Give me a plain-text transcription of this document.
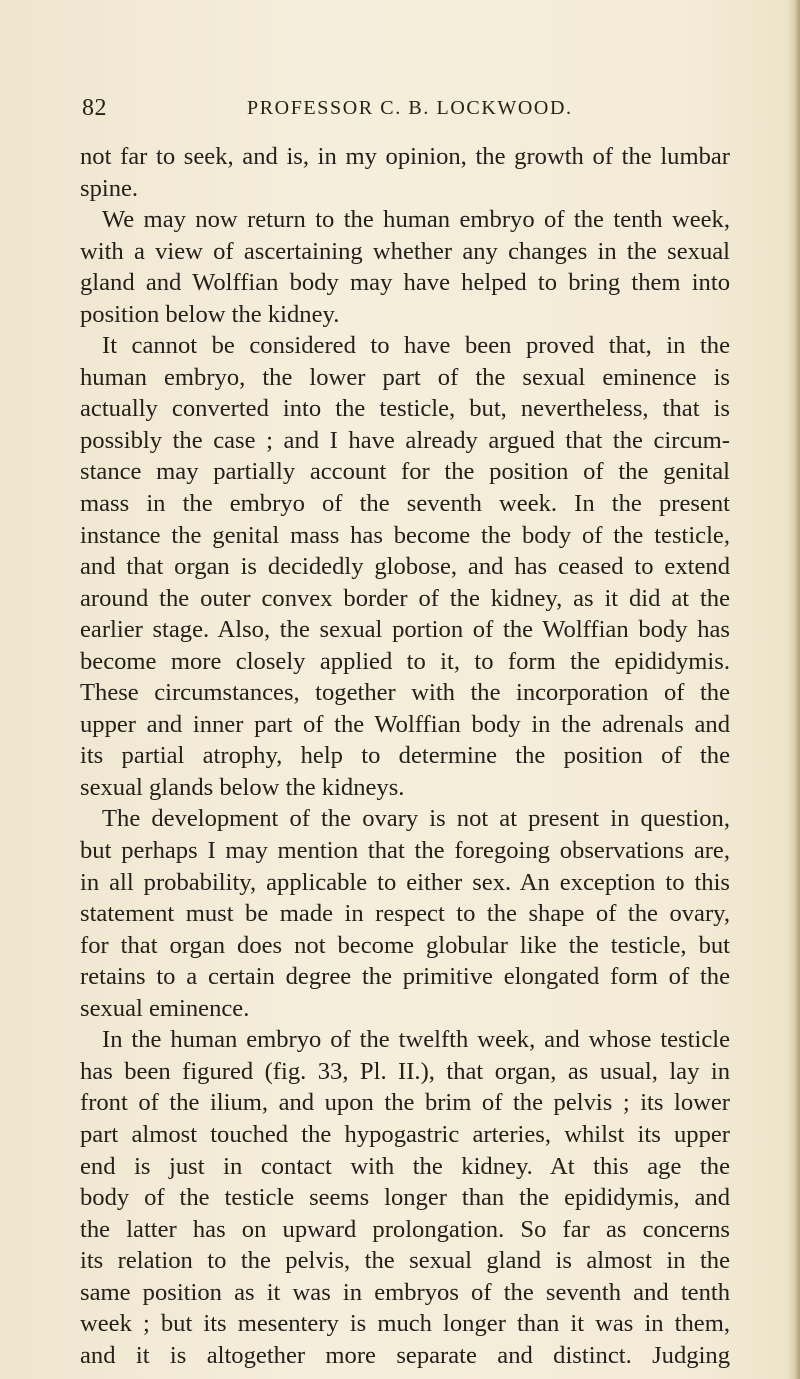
82	PROFESSOR C. B. LOCKWOOD.
not far to seek, and is, in my opinion, the growth of the lumbar
spine.
We may now return to the human embryo of the tenth week,
with a view of ascertaining whether any changes in the sexual
gland and Wolffian body may have helped to bring them into
position below the kidney.
It cannot be considered to have been proved that, in the
human embryo, the lower part of the sexual eminence is
actually converted into the testicle, but, nevertheless, that is
possibly the case ; and I have already argued that the circum-
stance may partially account for the position of the genital
mass in the embryo of the seventh week. In the present
instance the genital mass has become the body of the testicle,
and that organ is decidedly globose, and has ceased to extend
around the outer convex border of the kidney, as it did at the
earlier stage. Also, the sexual portion of the Wolffian body has
become more closely applied to it, to form the epididymis.
These circumstances, together with the incorporation of the
upper and inner part of the Wolffian body in the adrenals and
its partial atrophy, help to determine the position of the
sexual glands below the kidneys.
The development of the ovary is not at present in question,
but perhaps I may mention that the foregoing observations are,
in all probability, applicable to either sex. An exception to this
statement must be made in respect to the shape of the ovary,
for that organ does not become globular like the testicle, but
retains to a certain degree the primitive elongated form of the
sexual eminence.
In the human embryo of the twelfth week, and whose testicle
has been figured (fig. 33, Pl. II.), that organ, as usual, lay in
front of the ilium, and upon the brim of the pelvis ; its lower
part almost touched the hypogastric arteries, whilst its upper
end is just in contact with the kidney. At this age the
body of the testicle seems longer than the epididymis, and
the latter has on upward prolongation. So far as concerns
its relation to the pelvis, the sexual gland is almost in the
same position as it was in embryos of the seventh and tenth
week ; but its mesentery is much longer than it was in them,
and it is altogether more separate and distinct. Judging
